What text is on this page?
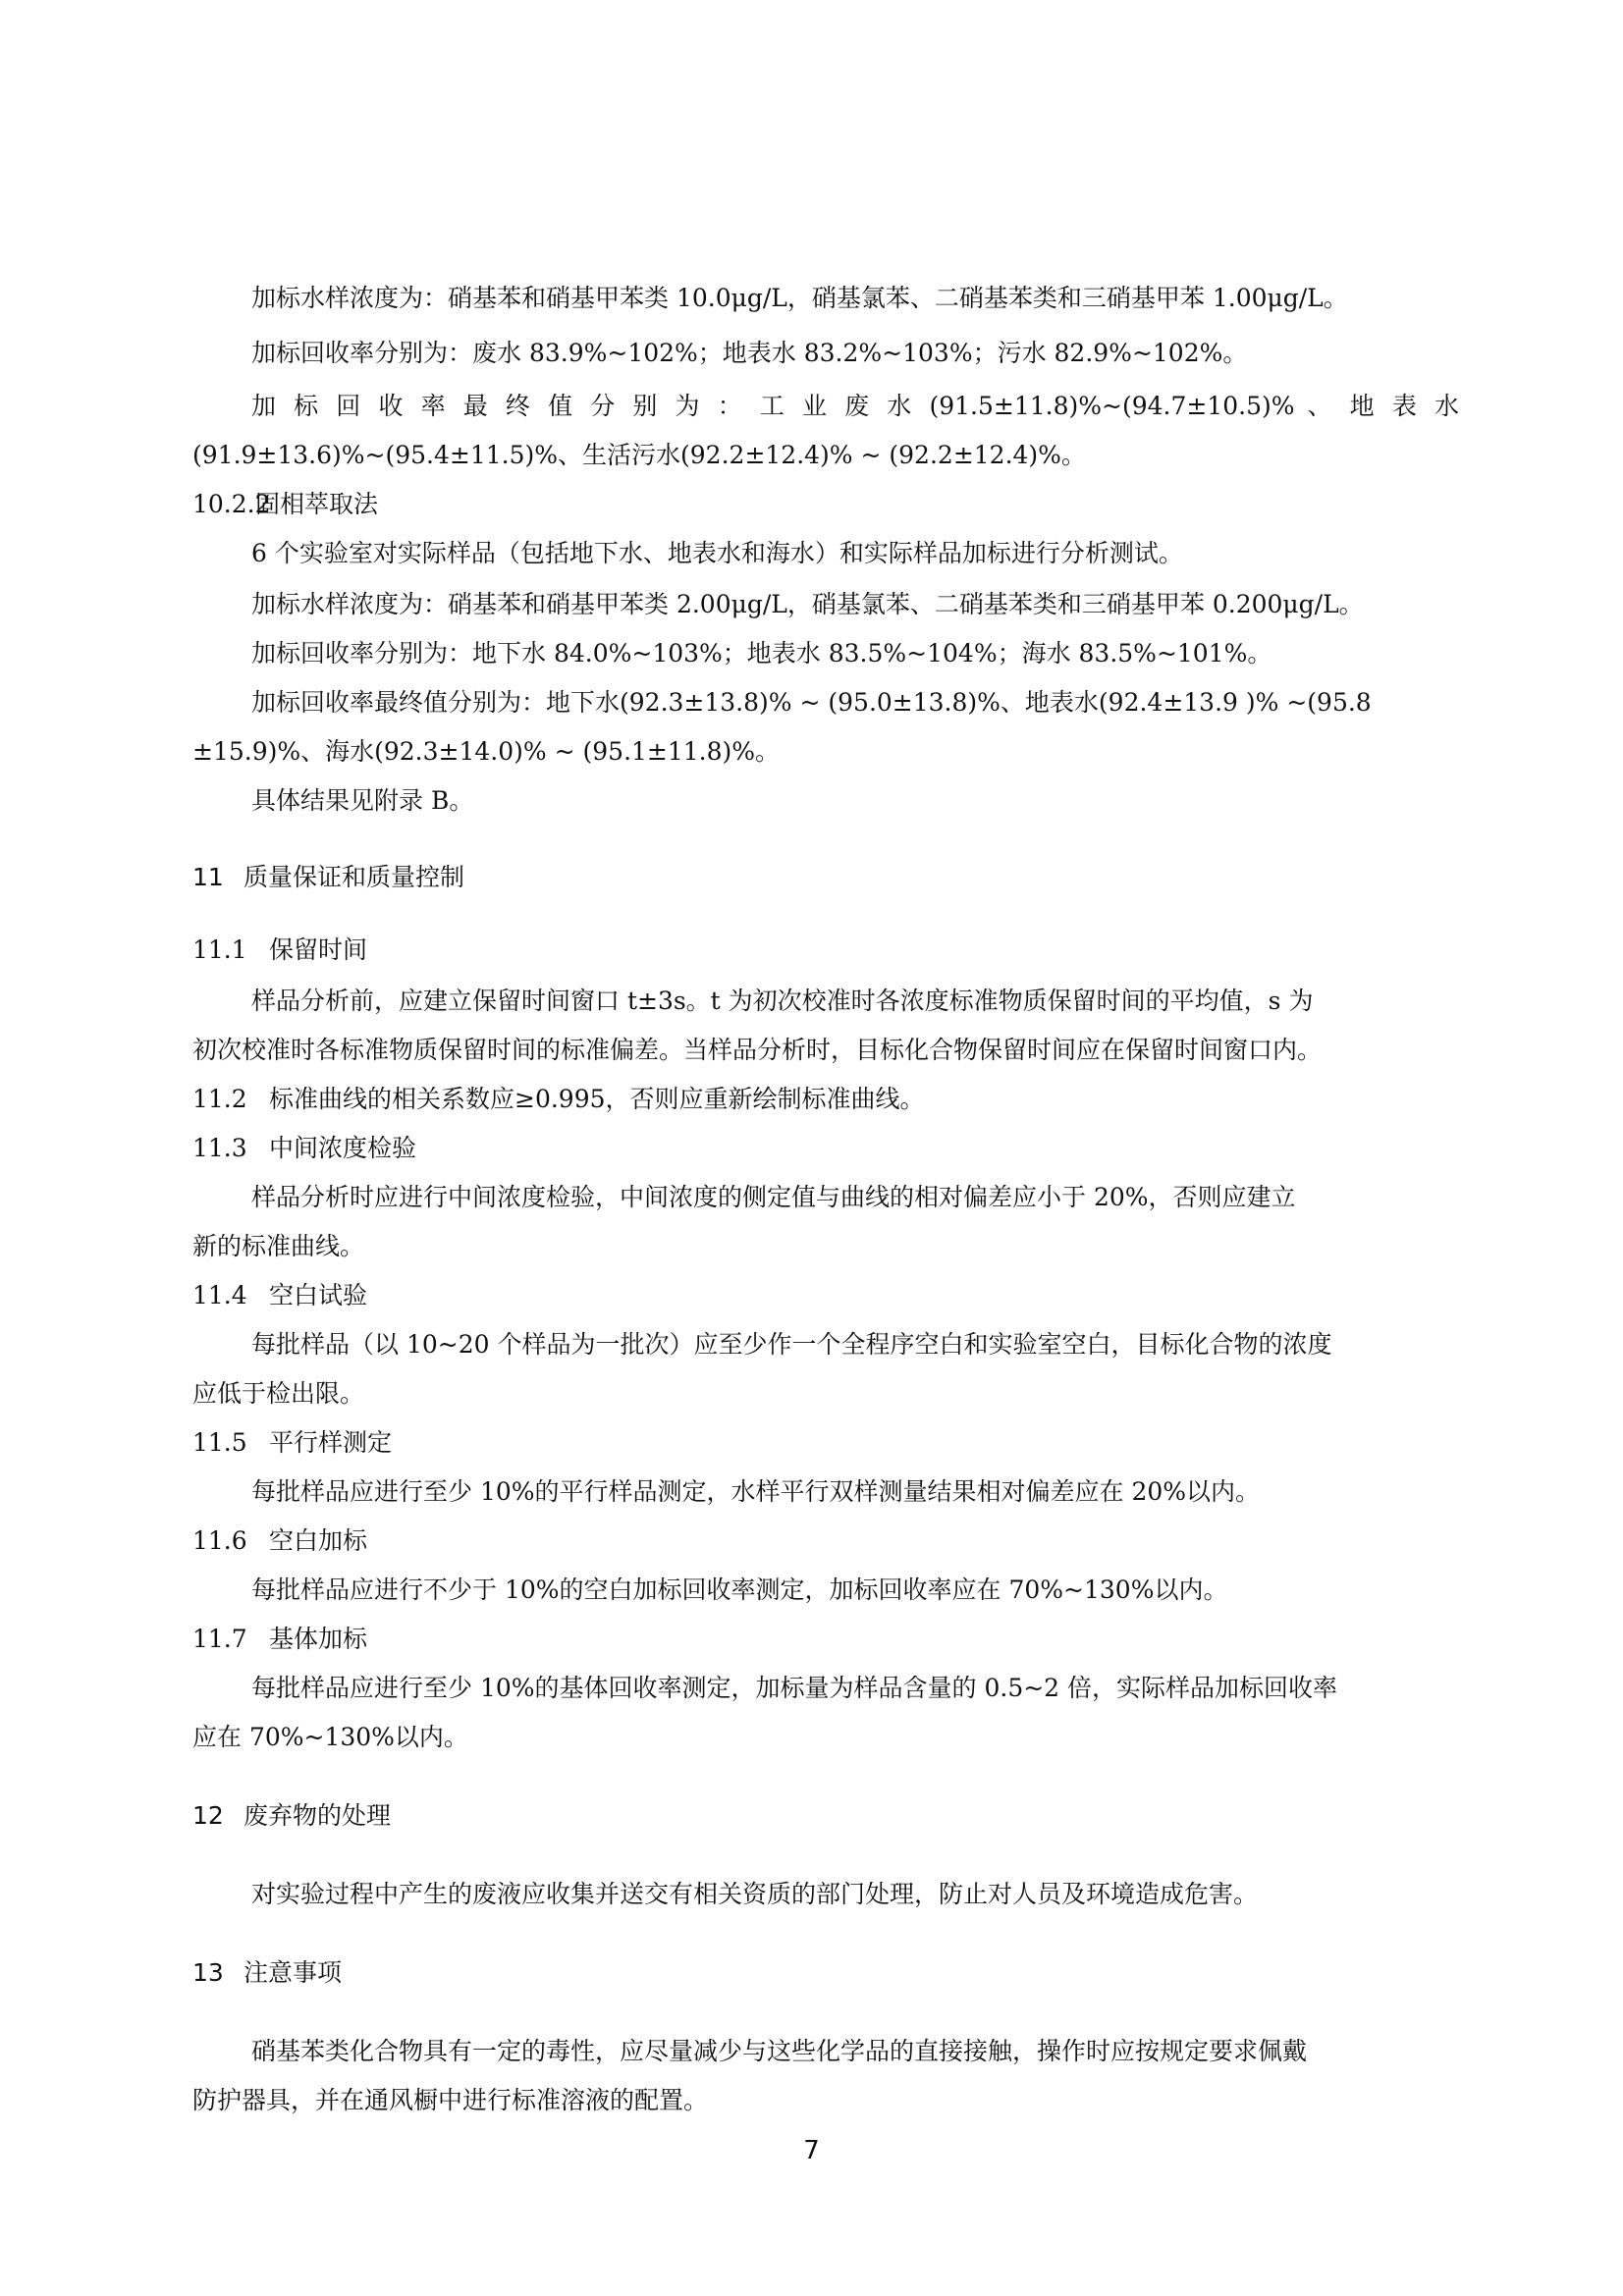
加标水样浓度为：硝基苯和硝基甲苯类 10.0μg/L，硝基氯苯、二硝基苯类和三硝基甲苯 1.00μg/L。
加标回收率分别为：废水 83.9%~102%；地表水 83.2%~103%；污水 82.9%~102%。
加 标 回 收 率 最 终 值 分 别 为 ： 工 业 废 水 (91.5±11.8)%~(94.7±10.5)% 、 地 表 水
(91.9±13.6)%~(95.4±11.5)%、生活污水(92.2±12.4)% ~ (92.2±12.4)%。
10.2.2固相萃取法
6 个实验室对实际样品（包括地下水、地表水和海水）和实际样品加标进行分析测试。
加标水样浓度为：硝基苯和硝基甲苯类 2.00μg/L，硝基氯苯、二硝基苯类和三硝基甲苯 0.200μg/L。
加标回收率分别为：地下水 84.0%~103%；地表水 83.5%~104%；海水 83.5%~101%。
加标回收率最终值分别为：地下水(92.3±13.8)% ~ (95.0±13.8)%、地表水(92.4±13.9 )% ~(95.8
±15.9)%、海水(92.3±14.0)% ~ (95.1±11.8)%。
具体结果见附录 B。
11 质量保证和质量控制
11.1 保留时间
样品分析前，应建立保留时间窗口 t±3s。t 为初次校准时各浓度标准物质保留时间的平均值，s 为
初次校准时各标准物质保留时间的标准偏差。当样品分析时，目标化合物保留时间应在保留时间窗口内。
11.2 标准曲线的相关系数应≥0.995，否则应重新绘制标准曲线。
11.3 中间浓度检验
样品分析时应进行中间浓度检验，中间浓度的侧定值与曲线的相对偏差应小于 20%，否则应建立
新的标准曲线。
11.4 空白试验
每批样品（以 10~20 个样品为一批次）应至少作一个全程序空白和实验室空白，目标化合物的浓度
应低于检出限。
11.5 平行样测定
每批样品应进行至少 10%的平行样品测定，水样平行双样测量结果相对偏差应在 20%以内。
11.6 空白加标
每批样品应进行不少于 10%的空白加标回收率测定，加标回收率应在 70%~130%以内。
11.7 基体加标
每批样品应进行至少 10%的基体回收率测定，加标量为样品含量的 0.5~2 倍，实际样品加标回收率
应在 70%~130%以内。
12 废弃物的处理
对实验过程中产生的废液应收集并送交有相关资质的部门处理，防止对人员及环境造成危害。
13 注意事项
硝基苯类化合物具有一定的毒性，应尽量减少与这些化学品的直接接触，操作时应按规定要求佩戴
防护器具，并在通风橱中进行标准溶液的配置。
7
